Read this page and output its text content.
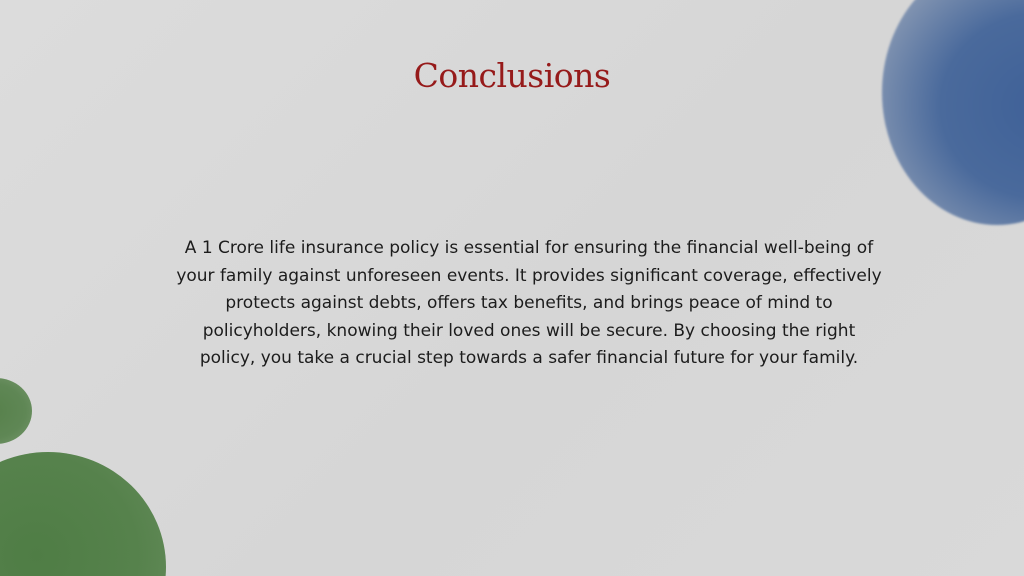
Conclusions
A 1 Crore life insurance policy is essential for ensuring the financial well-being of your family against unforeseen events. It provides significant coverage, effectively protects against debts, offers tax benefits, and brings peace of mind to policyholders, knowing their loved ones will be secure. By choosing the right policy, you take a crucial step towards a safer financial future for your family.
